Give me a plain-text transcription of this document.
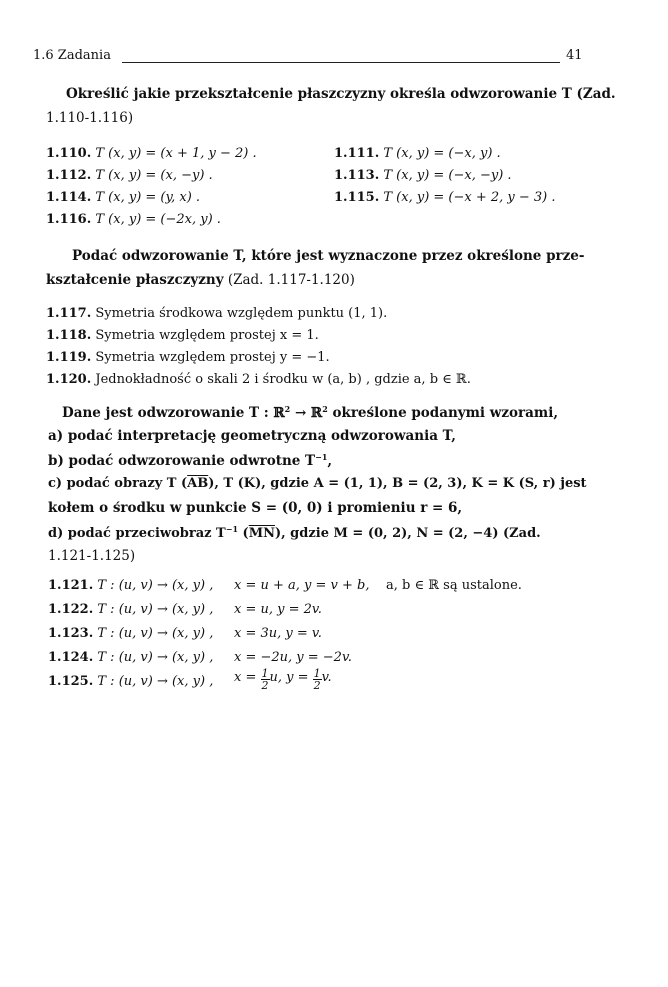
1.6 Zadania	41
Określić jakie przekształcenie płaszczyzny określa odwzorowanie T (Zad.
1.110-1.116)
1.110. T (x, y) = (x + 1, y − 2) .	1.111. T (x, y) = (−x, y) .
1.112. T (x, y) = (x, −y) .	1.113. T (x, y) = (−x, −y) .
1.114. T (x, y) = (y, x) .	1.115. T (x, y) = (−x + 2, y − 3) .
1.116. T (x, y) = (−2x, y) .
Podać odwzorowanie T, które jest wyznaczone przez określone prze-
kształcenie płaszczyzny (Zad. 1.117-1.120)
1.117. Symetria środkowa względem punktu (1, 1).
1.118. Symetria względem prostej x = 1.
1.119. Symetria względem prostej y = −1.
1.120. Jednokładność o skali 2 i środku w (a, b) , gdzie a, b ∈ ℝ.
Dane jest odwzorowanie T : ℝ$^2$ → ℝ$^2$ określone podanymi wzorami,
a) podać interpretację geometryczną odwzorowania T,
b) podać odwzorowanie odwrotne $T^{-1}$,
c) podać obrazy T $(\overline{AB})$, T (K), gdzie A = (1, 1), B = (2, 3), K = K (S, r) jest
kołem o środku w punkcie S = (0, 0) i promieniu r = 6,
d) podać przeciwobraz $T^{-1}$ $(\overline{MN})$, gdzie M = (0, 2), N = (2, −4) (Zad.
1.121-1.125)
1.121. T : (u, v) → (x, y) , x = u + a, y = v + b, a, b ∈ ℝ są ustalone.
1.122. T : (u, v) → (x, y) , x = u, y = 2v.
1.123. T : (u, v) → (x, y) , x = 3u, y = v.
1.124. T : (u, v) → (x, y) , x = −2u, y = −2v.
1.125. T : (u, v) → (x, y) , $x = \frac{1}{2} u$, $y = \frac{1}{2} v$.
